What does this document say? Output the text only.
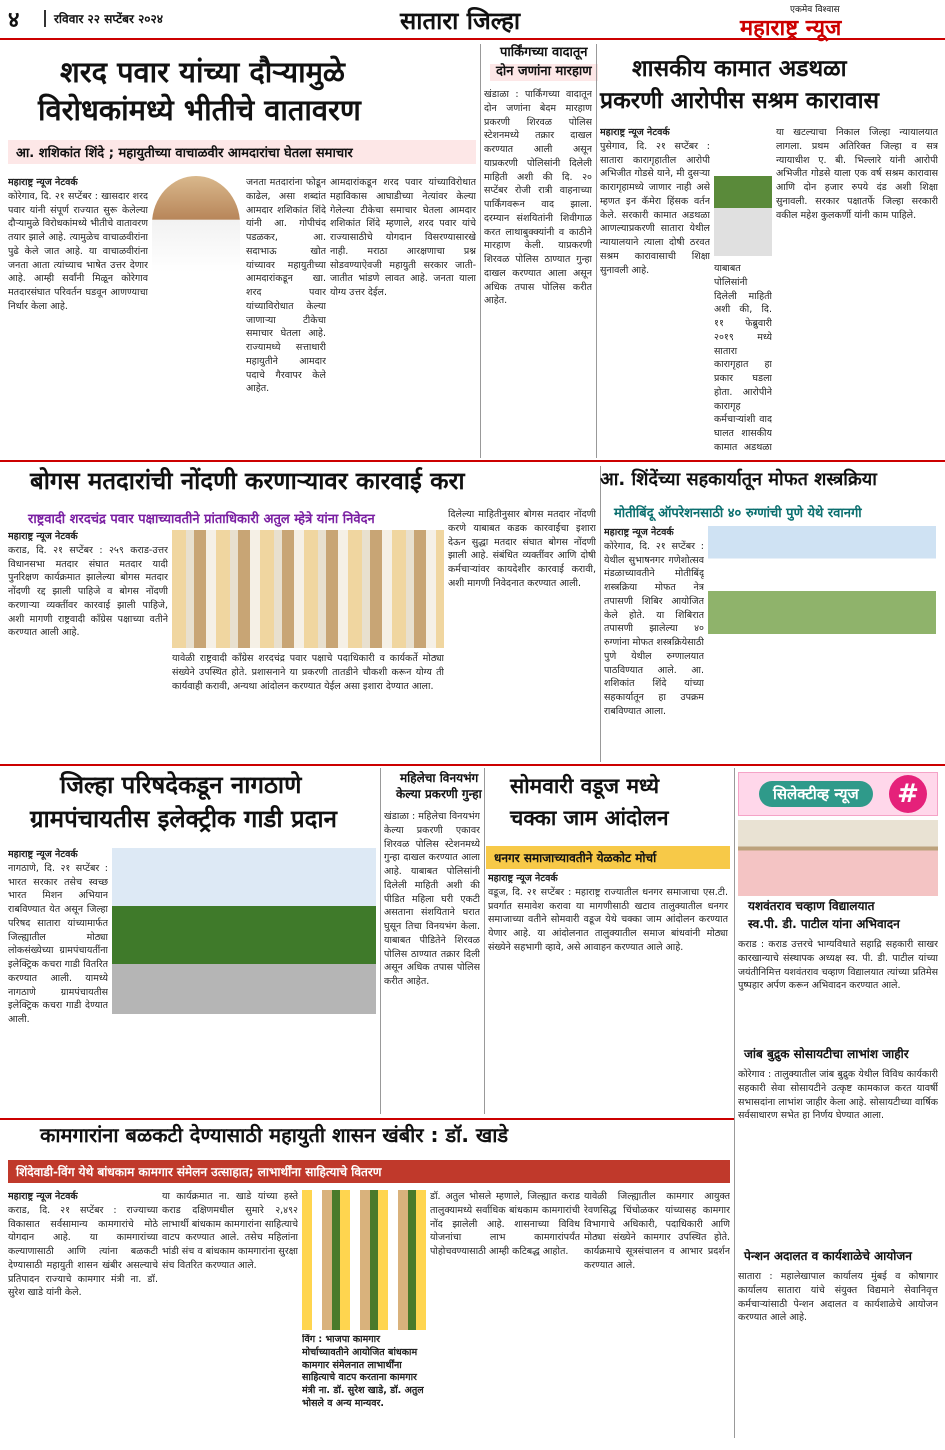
४	रविवार २२ सप्टेंबर २०२४	सातारा जिल्हा	एकमेव विश्‍वास
महाराष्ट्र न्यूज
शरद पवार यांच्या दौऱ्यामुळे
विरोधकांमध्ये भीतीचे वातावरण
आ. शशिकांत शिंदे ; महायुतीच्या वाचाळवीर आमदारांचा घेतला समाचार
महाराष्ट्र न्यूज नेटवर्क
कोरेगाव, दि. २१ सप्टेंबर : खासदार शरद पवार यांनी संपूर्ण राज्यात सुरू केलेल्या दौऱ्यामुळे विरोधकांमध्ये भीतीचे वातावरण तयार झाले आहे. त्यामुळेच वाचाळवीरांना पुढे केले जात आहे. या वाचाळवीरांना जनता आता त्यांच्याच भाषेत उत्तर देणार आहे. आम्ही सर्वांनी मिळून कोरेगाव मतदारसंघात परिवर्तन घडवून आणण्याचा निर्धार केला आहे.
जनता मतदारांना फोडून काढेल, असा शब्दांत आमदार शशिकांत शिंदे यांनी आ. गोपीचंद पडळकर, आ. सदाभाऊ खोत यांच्यावर महायुतीच्या आमदारांकडून खा. शरद पवार यांच्याविरोधात केल्या जाणाऱ्या टीकेचा समाचार घेतला आहे. राज्यामध्ये सत्ताधारी महायुतीने आमदार पदाचे गैरवापर केले आहेत.
आमदारांकडून शरद पवार यांच्याविरोधात महाविकास आघाडीच्या नेत्यांवर केल्या गेलेल्या टीकेचा समाचार घेतला आमदार शशिकांत शिंदे म्हणाले, शरद पवार यांचे राज्यासाठीचे योगदान विसरण्यासारखे नाही. मराठा आरक्षणाचा प्रश्न सोडवण्याऐवजी महायुती सरकार जाती-जातीत भांडणे लावत आहे. जनता याला योग्य उत्तर देईल.
पार्किंगच्या वादातून
दोन जणांना मारहाण
खंडाळा : पार्किंगच्या वादातून दोन जणांना बेदम मारहाण प्रकरणी शिरवळ पोलिस स्टेशनमध्ये तक्रार दाखल करण्यात आली असून याप्रकरणी पोलिसांनी दिलेली माहिती अशी की दि. २० सप्टेंबर रोजी रात्री वाहनाच्या पार्किंगवरून वाद झाला. दरम्यान संशयितांनी शिवीगाळ करत लाथाबुक्क्यांनी व काठीने मारहाण केली. याप्रकरणी शिरवळ पोलिस ठाण्यात गुन्हा दाखल करण्यात आला असून अधिक तपास पोलिस करीत आहेत.
शासकीय कामात अडथळा
प्रकरणी आरोपीस सश्रम कारावास
महाराष्ट्र न्यूज नेटवर्क
पुसेगाव, दि. २१ सप्टेंबर : सातारा कारागृहातील आरोपी अभिजीत गोडसे याने, मी दुसऱ्या कारागृहामध्ये जाणार नाही असे म्हणत इन कॅमेरा हिंसक वर्तन केले. सरकारी कामात अडथळा आणल्याप्रकरणी सातारा येथील न्यायालयाने त्याला दोषी ठरवत सश्रम कारावासाची शिक्षा सुनावली आहे.	याबाबत पोलिसांनी दिलेली माहिती अशी की, दि. ११ फेब्रुवारी २०१९ मध्ये सातारा कारागृहात हा प्रकार घडला होता. आरोपीने कारागृह कर्मचाऱ्यांशी वाद घालत शासकीय कामात अडथळा
या खटल्याचा निकाल जिल्हा न्यायालयात लागला. प्रथम अतिरिक्त जिल्हा व सत्र न्यायाधीश ए. बी. भिल्लारे यांनी आरोपी अभिजीत गोडसे याला एक वर्ष सश्रम कारावास आणि दोन हजार रुपये दंड अशी शिक्षा सुनावली. सरकार पक्षातर्फे जिल्हा सरकारी वकील महेश कुलकर्णी यांनी काम पाहिले.
बोगस मतदारांची नोंदणी करणाऱ्यावर कारवाई करा
राष्ट्रवादी शरदचंद्र पवार पक्षाच्यावतीने प्रांताधिकारी अतुल म्हेत्रे यांना निवेदन
महाराष्ट्र न्यूज नेटवर्क
कराड, दि. २१ सप्टेंबर : २५९ कराड-उत्तर विधानसभा मतदार संघात मतदार यादी पुनरिक्षण कार्यक्रमात झालेल्या बोगस मतदार नोंदणी रद्द झाली पाहिजे व बोगस नोंदणी करणाऱ्या व्यक्तींवर कारवाई झाली पाहिजे, अशी मागणी राष्ट्रवादी काँग्रेस पक्षाच्या वतीने करण्यात आली आहे.
दिलेल्या माहितीनुसार बोगस मतदार नोंदणी करणे याबाबत कडक कारवाईचा इशारा देऊन सुद्धा मतदार संघात बोगस नोंदणी झाली आहे. संबंधित व्यक्तींवर आणि दोषी कर्मचाऱ्यांवर कायदेशीर कारवाई करावी, अशी मागणी निवेदनात करण्यात आली.
यावेळी राष्ट्रवादी काँग्रेस शरदचंद्र पवार पक्षाचे पदाधिकारी व कार्यकर्ते मोठ्या संख्येने उपस्थित होते. प्रशासनाने या प्रकरणी तातडीने चौकशी करून योग्य ती कार्यवाही करावी, अन्यथा आंदोलन करण्यात येईल असा इशारा देण्यात आला.
आ. शिंदेंच्या सहकार्यातून मोफत शस्त्रक्रिया
मोतीबिंदू ऑपरेशनसाठी ४० रुग्णांची पुणे येथे रवानगी
महाराष्ट्र न्यूज नेटवर्क
कोरेगाव, दि. २१ सप्टेंबर : येथील सुभाषनगर गणेशोत्सव मंडळाच्यावतीने मोतीबिंदू शस्त्रक्रिया मोफत नेत्र तपासणी शिबिर आयोजित केले होते. या शिबिरात तपासणी झालेल्या ४० रुग्णांना मोफत शस्त्रक्रियेसाठी पुणे येथील रुग्णालयात पाठविण्यात आले. आ. शशिकांत शिंदे यांच्या सहकार्यातून हा उपक्रम राबविण्यात आला.
जिल्हा परिषदेकडून नागठाणे
ग्रामपंचायतीस इलेक्ट्रीक गाडी प्रदान
महाराष्ट्र न्यूज नेटवर्क
नागठाणे, दि. २१ सप्टेंबर : भारत सरकार तसेच स्वच्छ भारत मिशन अभियान राबविण्यात येत असून जिल्हा परिषद सातारा यांच्यामार्फत जिल्ह्यातील मोठ्या लोकसंख्येच्या ग्रामपंचायतींना इलेक्ट्रिक कचरा गाडी वितरित करण्यात आली. यामध्ये नागठाणे ग्रामपंचायतीस इलेक्ट्रिक कचरा गाडी देण्यात आली.
महिलेचा विनयभंग
केल्या प्रकरणी गुन्हा
खंडाळा : महिलेचा विनयभंग केल्या प्रकरणी एकावर शिरवळ पोलिस स्टेशनमध्ये गुन्हा दाखल करण्यात आला आहे. याबाबत पोलिसांनी दिलेली माहिती अशी की पीडित महिला घरी एकटी असताना संशयिताने घरात घुसून तिचा विनयभंग केला. याबाबत पीडितेने शिरवळ पोलिस ठाण्यात तक्रार दिली असून अधिक तपास पोलिस करीत आहेत.
सोमवारी वडूज मध्ये
चक्का जाम आंदोलन
धनगर समाजाच्यावतीने येळकोट मोर्चा
महाराष्ट्र न्यूज नेटवर्क
वडूज, दि. २१ सप्टेंबर : महाराष्ट्र राज्यातील धनगर समाजाचा एस.टी. प्रवर्गात समावेश करावा या मागणीसाठी खटाव तालुक्यातील धनगर समाजाच्या वतीने सोमवारी वडूज येथे चक्का जाम आंदोलन करण्यात येणार आहे. या आंदोलनात तालुक्यातील समाज बांधवांनी मोठ्या संख्येने सहभागी व्हावे, असे आवाहन करण्यात आले आहे.
सिलेक्टीव्ह न्यूज	#
यशवंतराव चव्हाण विद्यालयात
स्व.पी. डी. पाटील यांना अभिवादन
कराड : कराड उत्तरचे भाग्यविधाते सहाद्रि सहकारी साखर कारखान्याचे संस्थापक अध्यक्ष स्व. पी. डी. पाटील यांच्या जयंतीनिमित्त यशवंतराव चव्हाण विद्यालयात त्यांच्या प्रतिमेस पुष्पहार अर्पण करून अभिवादन करण्यात आले.
जांब बुद्रुक सोसायटीचा लाभांश जाहीर
कोरेगाव : तालुक्यातील जांब बुद्रुक येथील विविध कार्यकारी सहकारी सेवा सोसायटीने उत्कृष्ट कामकाज करत यावर्षी सभासदांना लाभांश जाहीर केला आहे. सोसायटीच्या वार्षिक सर्वसाधारण सभेत हा निर्णय घेण्यात आला.
पेन्शन अदालत व कार्यशाळेचे आयोजन
सातारा : महालेखापाल कार्यालय मुंबई व कोषागार कार्यालय सातारा यांचे संयुक्त विद्यमाने सेवानिवृत्त कर्मचाऱ्यांसाठी पेन्शन अदालत व कार्यशाळेचे आयोजन करण्यात आले आहे.
कामगारांना बळकटी देण्यासाठी महायुती शासन खंबीर : डॉ. खाडे
शिंदेवाडी-विंग येथे बांधकाम कामगार संमेलन उत्साहात; लाभार्थींना साहित्याचे वितरण
महाराष्ट्र न्यूज नेटवर्क
कराड, दि. २१ सप्टेंबर : राज्याच्या विकासात सर्वसामान्य कामगारांचे मोठे योगदान आहे. या कामगारांच्या कल्याणासाठी आणि त्यांना बळकटी देण्यासाठी महायुती शासन खंबीर असल्याचे प्रतिपादन राज्याचे कामगार मंत्री ना. डॉ. सुरेश खाडे यांनी केले.
या कार्यक्रमात ना. खाडे यांच्या हस्ते कराड दक्षिणमधील सुमारे २,४९२ लाभार्थी बांधकाम कामगारांना साहित्याचे वाटप करण्यात आले. तसेच महिलांना भांडी संच व बांधकाम कामगारांना सुरक्षा संच वितरित करण्यात आले.
विंग : भाजपा कामगार मोर्चाच्यावतीने आयोजित बांधकाम कामगार संमेलनात लाभार्थींना साहित्याचे वाटप करताना कामगार मंत्री ना. डॉ. सुरेश खाडे, डॉ. अतुल भोसले व अन्य मान्यवर.
डॉ. अतुल भोसले म्हणाले, जिल्ह्यात कराड तालुक्यामध्ये सर्वाधिक बांधकाम कामगारांची नोंद झालेली आहे. शासनाच्या विविध योजनांचा लाभ कामगारांपर्यंत पोहोचवण्यासाठी आम्ही कटिबद्ध आहोत.
यावेळी जिल्ह्यातील कामगार आयुक्त रेवणसिद्ध चिंचोळकर यांच्यासह कामगार विभागाचे अधिकारी, पदाधिकारी आणि मोठ्या संख्येने कामगार उपस्थित होते. कार्यक्रमाचे सूत्रसंचालन व आभार प्रदर्शन करण्यात आले.
